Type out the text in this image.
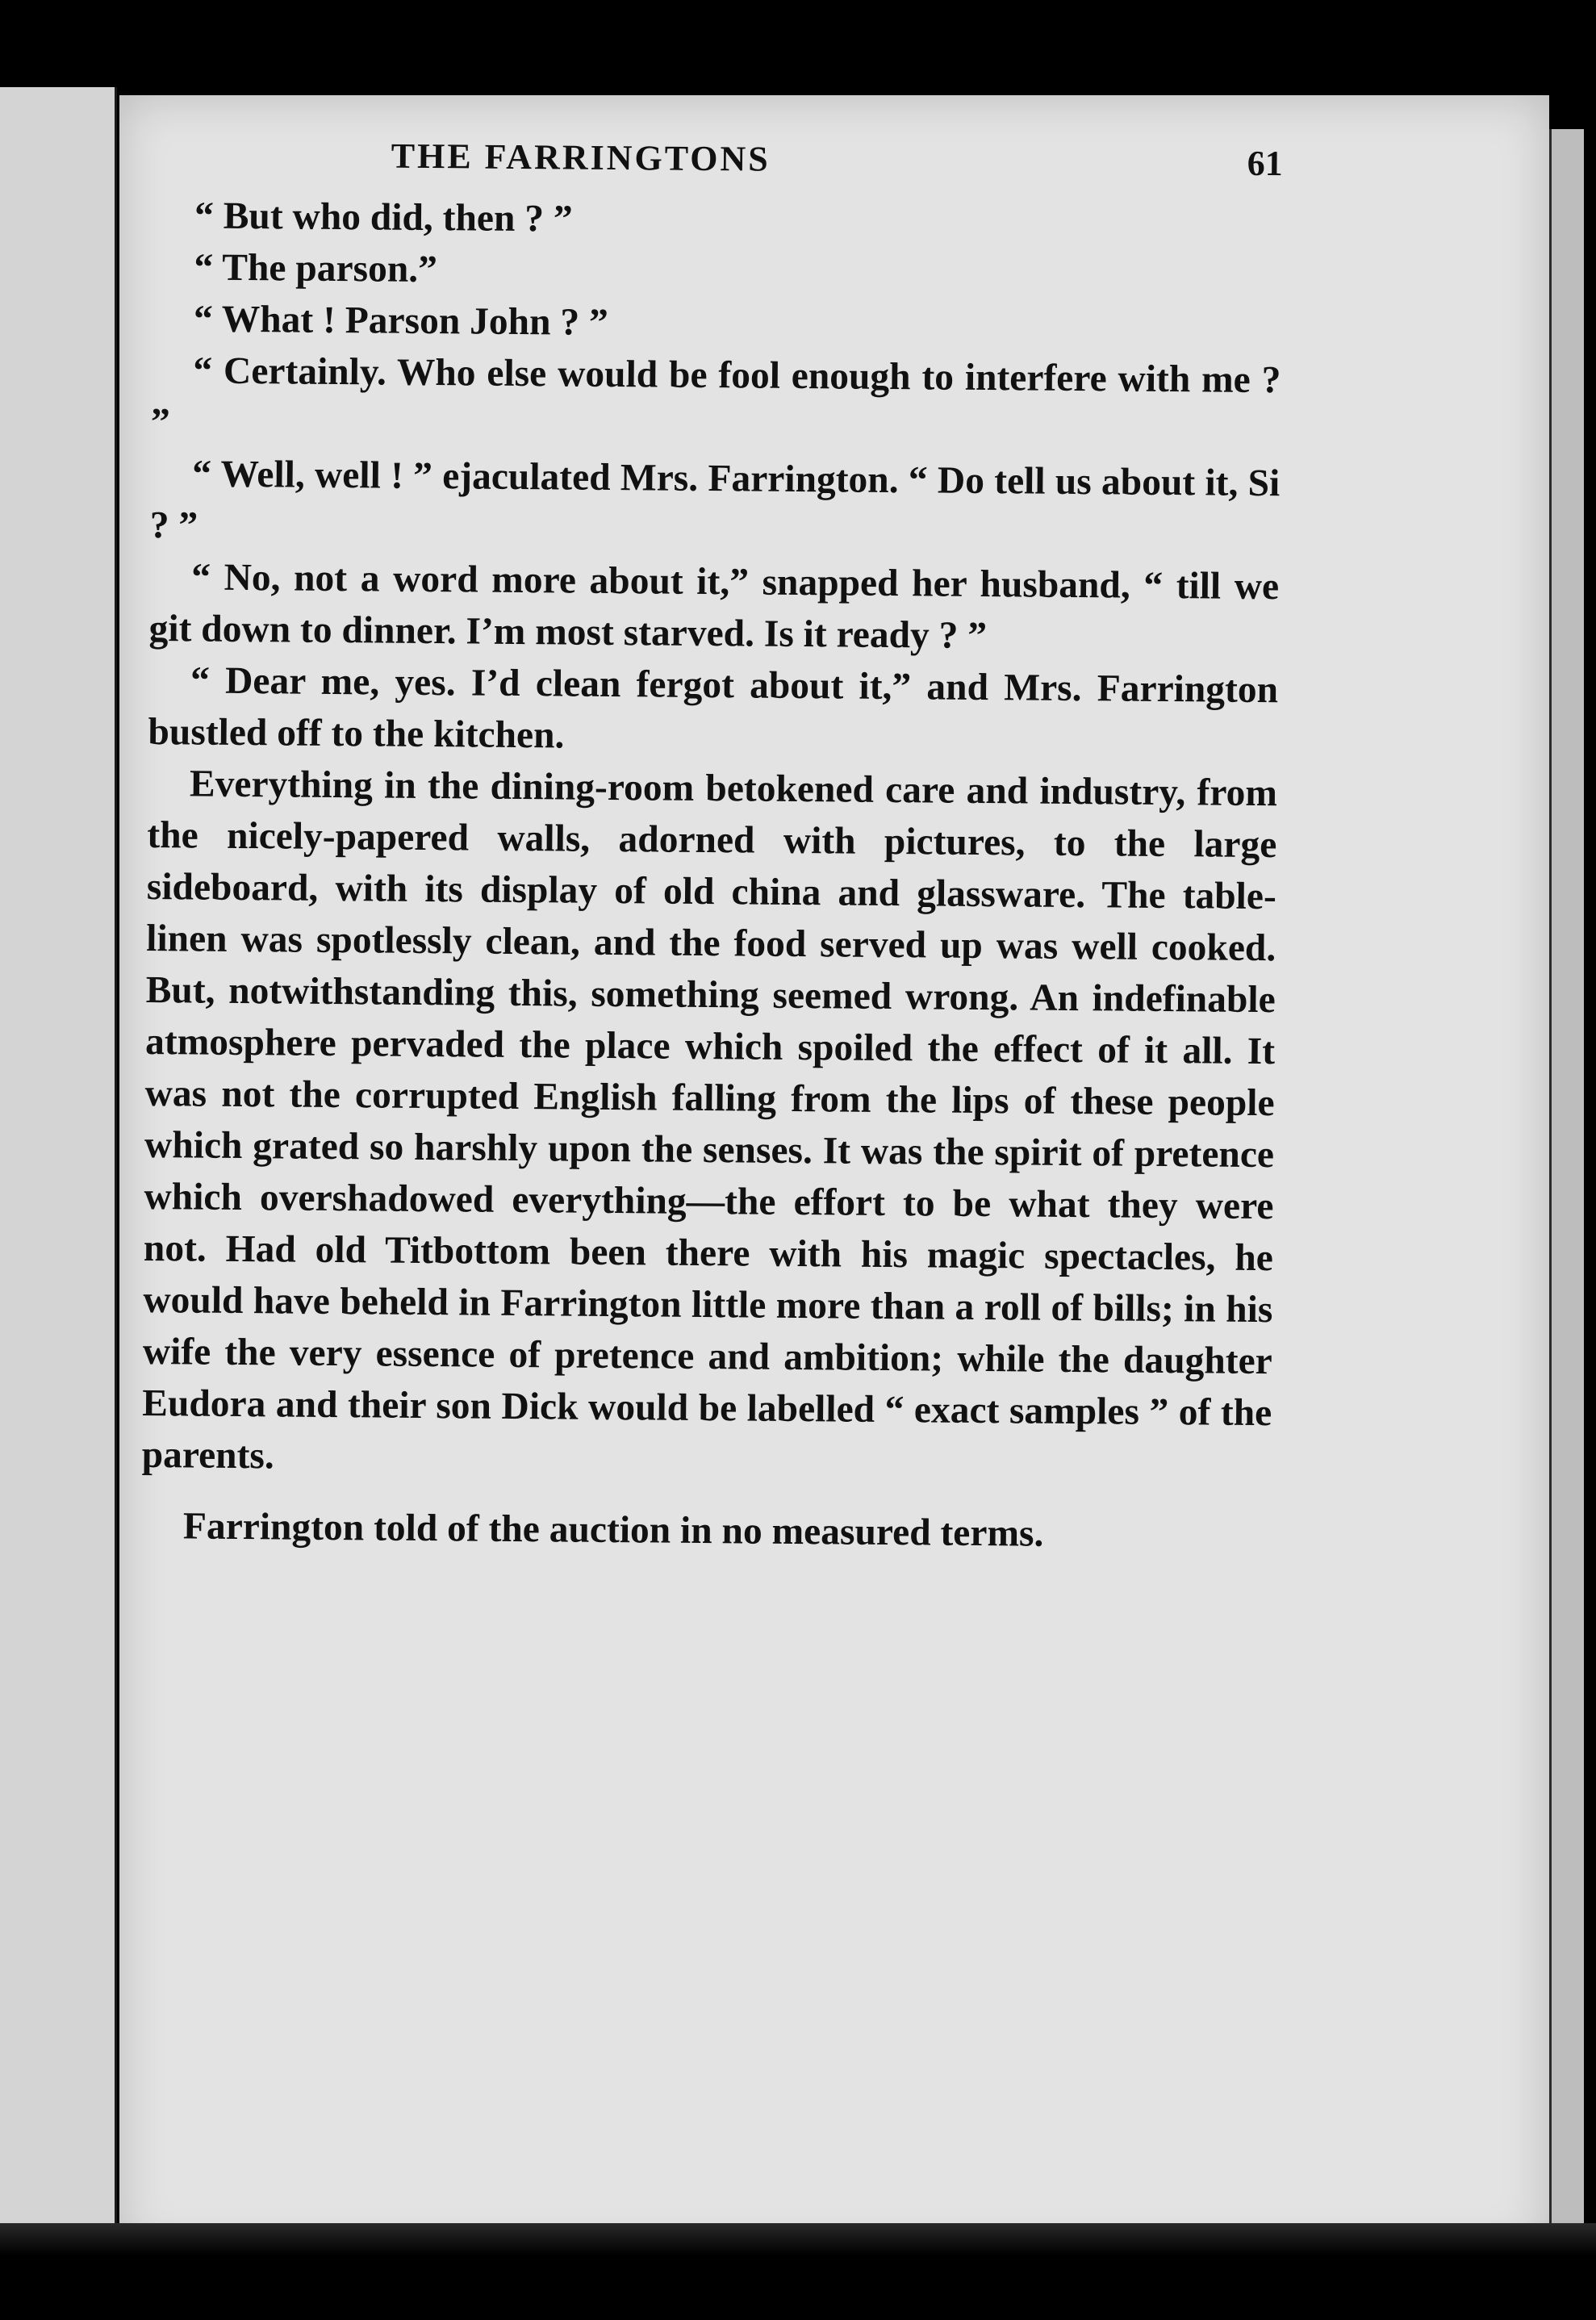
THE FARRINGTONS	61

“ But who did, then ? ”

“ The parson.”

“ What ! Parson John ? ”

“ Certainly. Who else would be fool enough to interfere with me ? ”

“ Well, well ! ” ejaculated Mrs. Farrington. “ Do tell us about it, Si ? ”

“ No, not a word more about it,” snapped her husband, “ till we git down to dinner. I’m most starved. Is it ready ? ”

“ Dear me, yes. I’d clean fergot about it,” and Mrs. Farrington bustled off to the kitchen.

Everything in the dining-room betokened care and industry, from the nicely-papered walls, adorned with pictures, to the large sideboard, with its display of old china and glassware. The table-linen was spotlessly clean, and the food served up was well cooked. But, notwithstanding this, something seemed wrong. An indefinable atmosphere pervaded the place which spoiled the effect of it all. It was not the corrupted English falling from the lips of these people which grated so harshly upon the senses. It was the spirit of pretence which overshadowed everything—the effort to be what they were not. Had old Titbottom been there with his magic spectacles, he would have beheld in Farrington little more than a roll of bills; in his wife the very essence of pretence and ambition; while the daughter Eudora and their son Dick would be labelled “ exact samples ” of the parents.

Farrington told of the auction in no measured terms.
